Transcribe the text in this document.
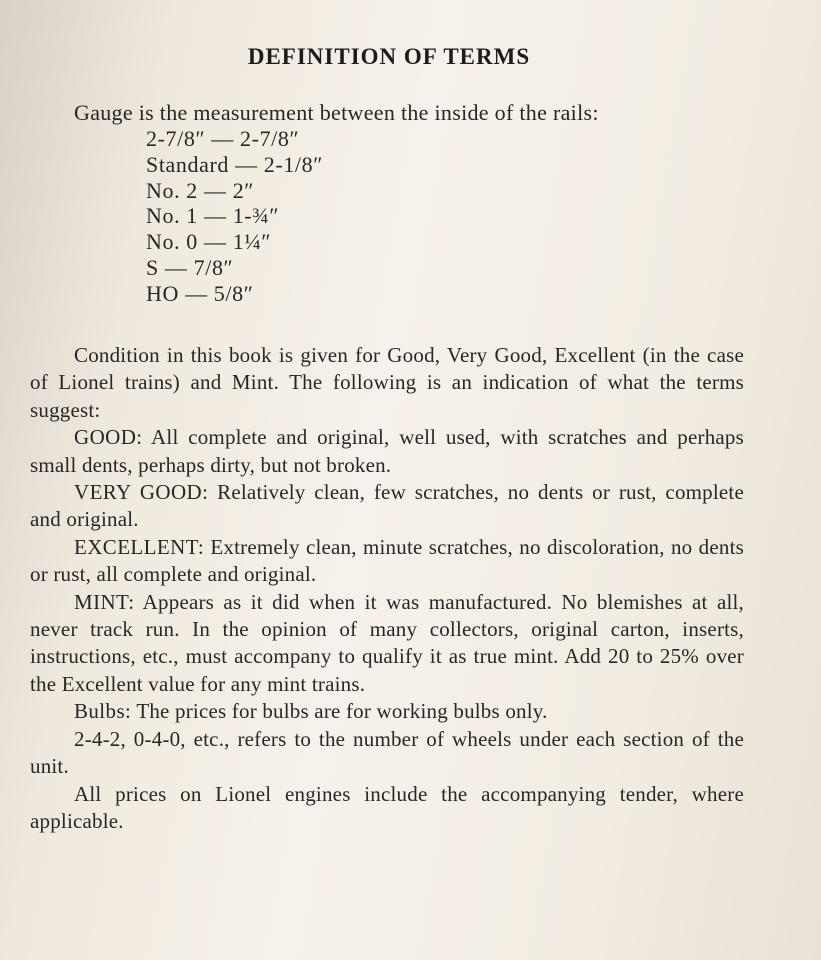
DEFINITION OF TERMS
Gauge is the measurement between the inside of the rails:
2-7/8″ — 2-7/8″
Standard — 2-1/8″
No. 2 — 2″
No. 1 — 1-¾″
No. 0 — 1¼″
S — 7/8″
HO — 5/8″

Condition in this book is given for Good, Very Good, Excellent (in the case of Lionel trains) and Mint. The following is an indication of what the terms suggest:

GOOD: All complete and original, well used, with scratches and perhaps small dents, perhaps dirty, but not broken.

VERY GOOD: Relatively clean, few scratches, no dents or rust, complete and original.

EXCELLENT: Extremely clean, minute scratches, no discoloration, no dents or rust, all complete and original.

MINT: Appears as it did when it was manufactured. No blemishes at all, never track run. In the opinion of many collectors, original carton, inserts, instructions, etc., must accompany to qualify it as true mint. Add 20 to 25% over the Excellent value for any mint trains.

Bulbs: The prices for bulbs are for working bulbs only.

2-4-2, 0-4-0, etc., refers to the number of wheels under each section of the unit.

All prices on Lionel engines include the accompanying tender, where applicable.
